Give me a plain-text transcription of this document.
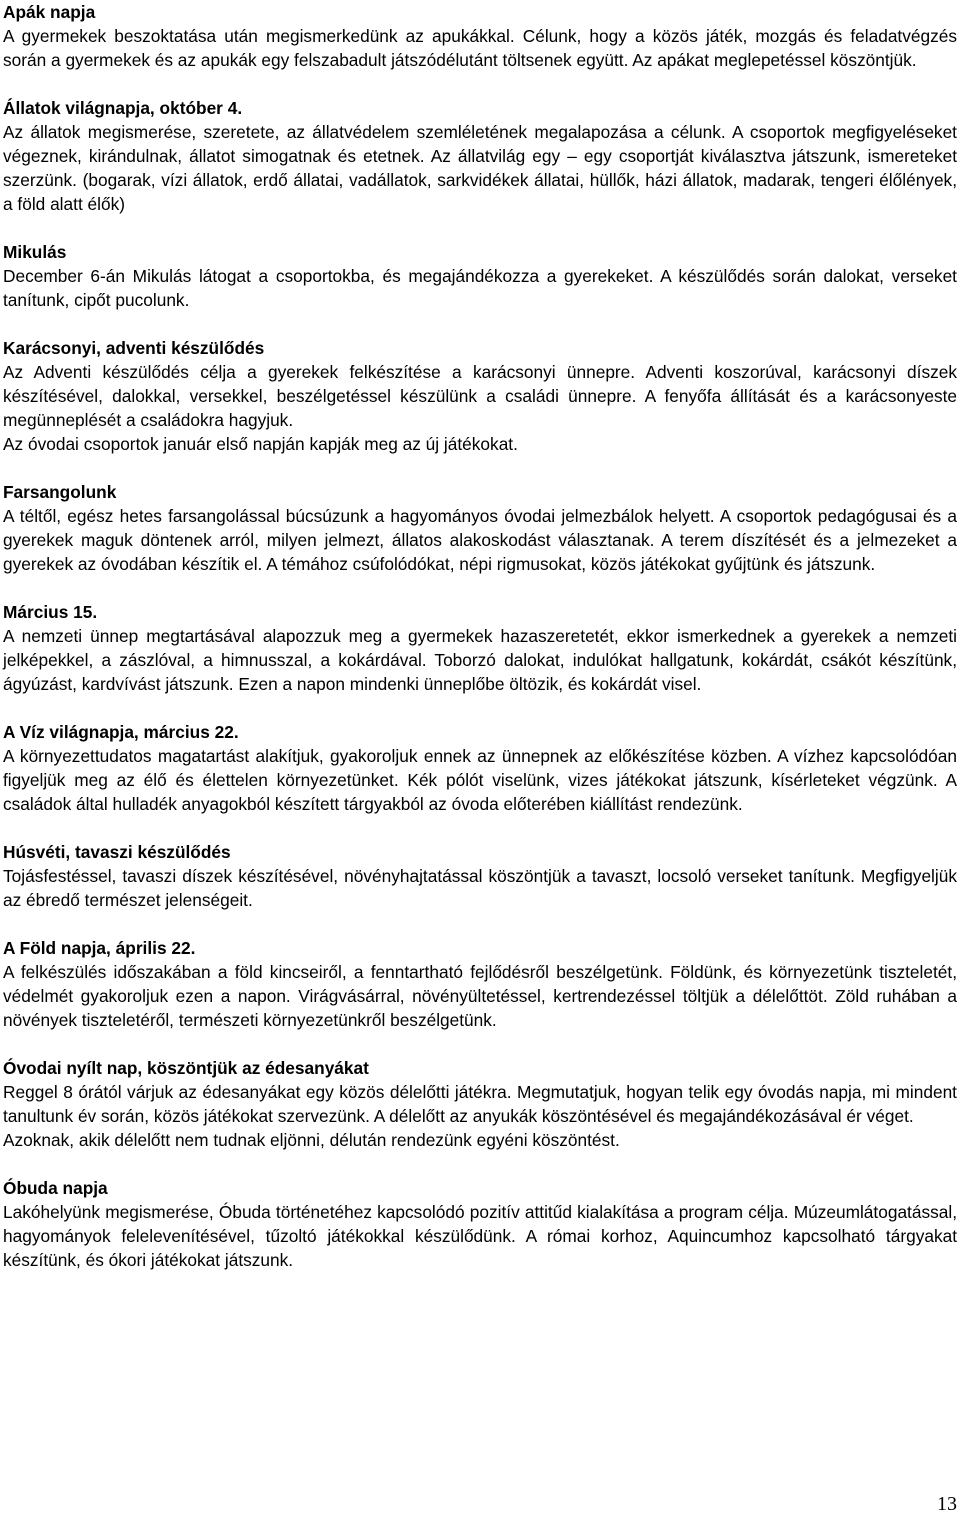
Apák napja

A gyermekek beszoktatása után megismerkedünk az apukákkal. Célunk, hogy a közös játék, mozgás és feladatvégzés során a gyermekek és az apukák egy felszabadult játszódélutánt töltsenek együtt. Az apákat meglepetéssel köszöntjük.

Állatok világnapja, október 4.

Az állatok megismerése, szeretete, az állatvédelem szemléletének megalapozása a célunk. A csoportok megfigyeléseket végeznek, kirándulnak, állatot simogatnak és etetnek. Az állatvilág egy – egy csoportját kiválasztva játszunk, ismereteket szerzünk. (bogarak, vízi állatok, erdő állatai, vadállatok, sarkvidékek állatai, hüllők, házi állatok, madarak, tengeri élőlények, a föld alatt élők)

Mikulás

December 6-án Mikulás látogat a csoportokba, és megajándékozza a gyerekeket. A készülődés során dalokat, verseket tanítunk, cipőt pucolunk.

Karácsonyi, adventi készülődés

Az Adventi készülődés célja a gyerekek felkészítése a karácsonyi ünnepre. Adventi koszorúval, karácsonyi díszek készítésével, dalokkal, versekkel, beszélgetéssel készülünk a családi ünnepre. A fenyőfa állítását és a karácsonyeste megünneplését a családokra hagyjuk.

Az óvodai csoportok január első napján kapják meg az új játékokat.

Farsangolunk

A téltől, egész hetes farsangolással búcsúzunk a hagyományos óvodai jelmezbálok helyett. A csoportok pedagógusai és a gyerekek maguk döntenek arról, milyen jelmezt, állatos alakoskodást választanak. A terem díszítését és a jelmezeket a gyerekek az óvodában készítik el. A témához csúfolódókat, népi rigmusokat, közös játékokat gyűjtünk és játszunk.

Március 15.

A nemzeti ünnep megtartásával alapozzuk meg a gyermekek hazaszeretetét, ekkor ismerkednek a gyerekek a nemzeti jelképekkel, a zászlóval, a himnusszal, a kokárdával. Toborzó dalokat, indulókat hallgatunk, kokárdát, csákót készítünk, ágyúzást, kardvívást játszunk. Ezen a napon mindenki ünneplőbe öltözik, és kokárdát visel.

A Víz világnapja, március 22.

A környezettudatos magatartást alakítjuk, gyakoroljuk ennek az ünnepnek az előkészítése közben. A vízhez kapcsolódóan figyeljük meg az élő és élettelen környezetünket. Kék pólót viselünk, vizes játékokat játszunk, kísérleteket végzünk. A családok által hulladék anyagokból készített tárgyakból az óvoda előterében kiállítást rendezünk.

Húsvéti, tavaszi készülődés

Tojásfestéssel, tavaszi díszek készítésével, növényhajtatással köszöntjük a tavaszt, locsoló verseket tanítunk. Megfigyeljük az ébredő természet jelenségeit.

A Föld napja, április 22.

A felkészülés időszakában a föld kincseiről, a fenntartható fejlődésről beszélgetünk. Földünk, és környezetünk tiszteletét, védelmét gyakoroljuk ezen a napon. Virágvásárral, növényültetéssel, kertrendezéssel töltjük a délelőttöt. Zöld ruhában a növények tiszteletéről, természeti környezetünkről beszélgetünk.

Óvodai nyílt nap, köszöntjük az édesanyákat

Reggel 8 órától várjuk az édesanyákat egy közös délelőtti játékra. Megmutatjuk, hogyan telik egy óvodás napja, mi mindent tanultunk év során, közös játékokat szervezünk. A délelőtt az anyukák köszöntésével és megajándékozásával ér véget.

Azoknak, akik délelőtt nem tudnak eljönni, délután rendezünk egyéni köszöntést.

Óbuda napja

Lakóhelyünk megismerése, Óbuda történetéhez kapcsolódó pozitív attitűd kialakítása a program célja. Múzeumlátogatással, hagyományok felelevenítésével, tűzoltó játékokkal készülődünk. A római korhoz, Aquincumhoz kapcsolható tárgyakat készítünk, és ókori játékokat játszunk.

13
